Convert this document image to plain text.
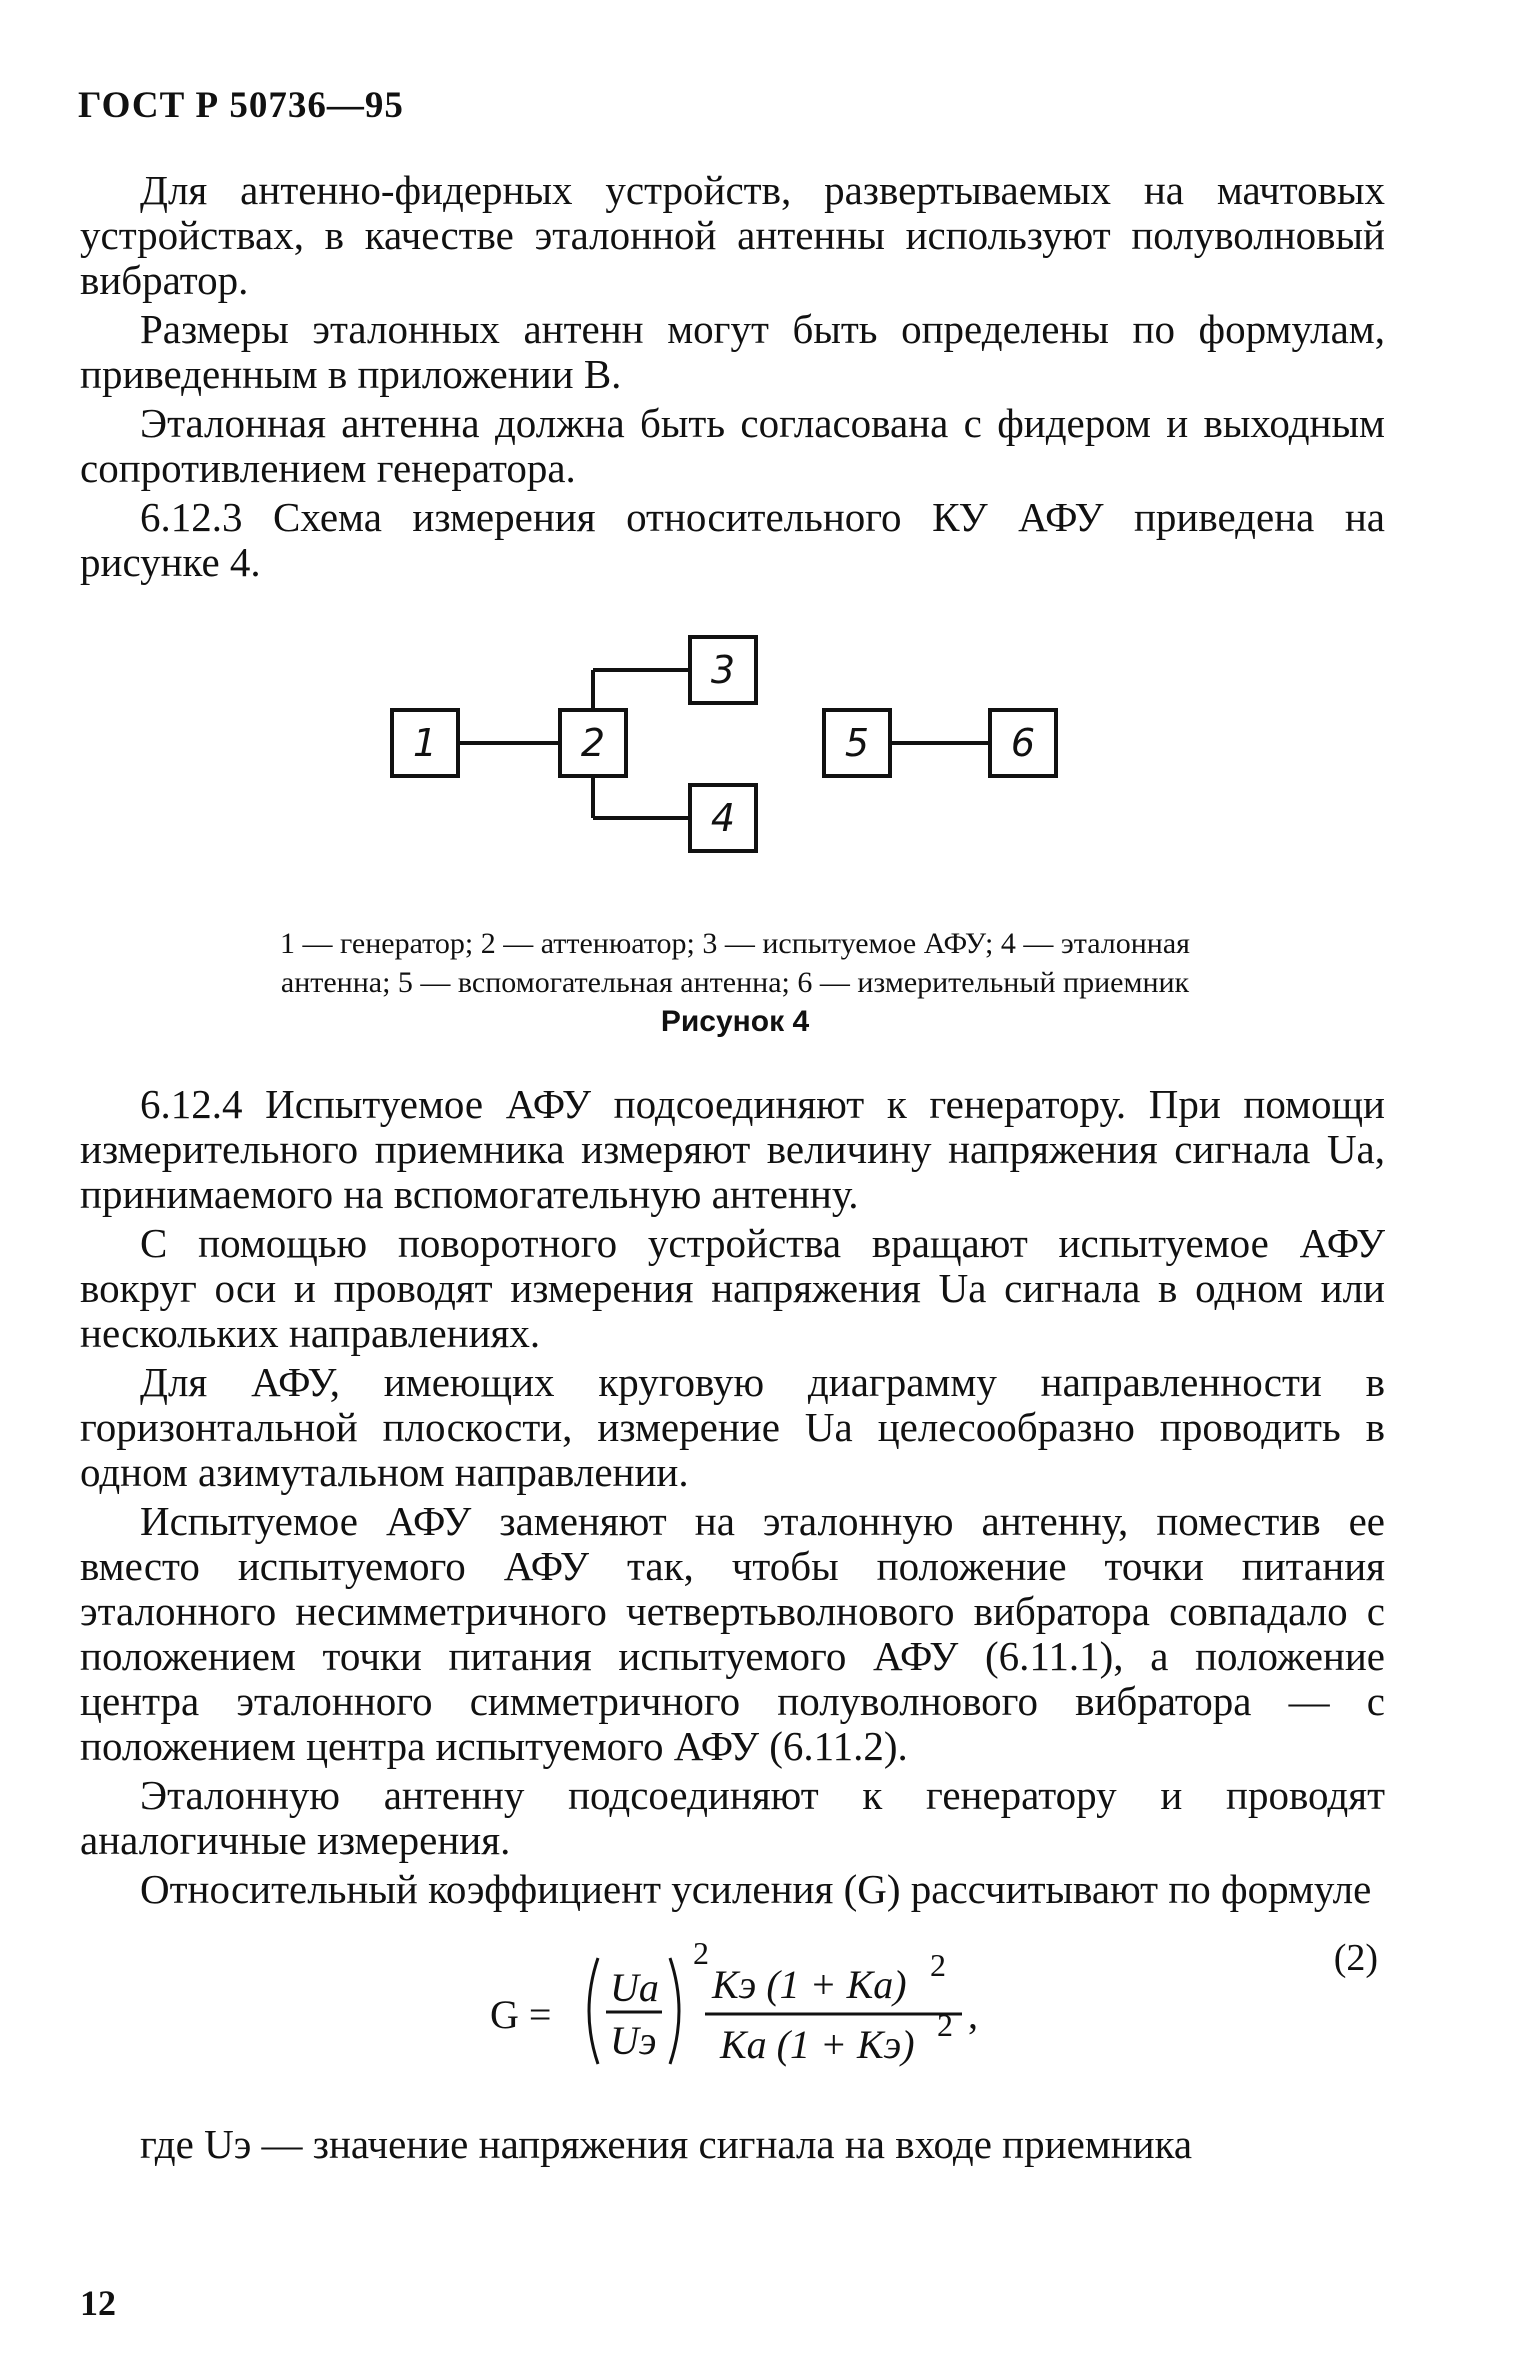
ГОСТ Р 50736—95

Для антенно-фидерных устройств, развертываемых на мачтовых устройствах, в качестве эталонной антенны используют полуволновый вибратор.

Размеры эталонных антенн могут быть определены по формулам, приведенным в приложении В.

Эталонная антенна должна быть согласована с фидером и выходным сопротивлением генератора.

6.12.3 Схема измерения относительного КУ АФУ приведена на рисунке 4.

1	2
3
4
5	6
1 — генератор; 2 — аттенюатор; 3 — испытуемое АФУ; 4 — эталонная
антенна; 5 — вспомогательная антенна; 6 — измерительный приемник
Рисунок 4

6.12.4 Испытуемое АФУ подсоединяют к генератору. При помощи измерительного приемника измеряют величину напряжения сигнала Uа, принимаемого на вспомогательную антенну.

С помощью поворотного устройства вращают испытуемое АФУ вокруг оси и проводят измерения напряжения Uа сигнала в одном или нескольких направлениях.

Для АФУ, имеющих круговую диаграмму направленности в горизонтальной плоскости, измерение Uа целесообразно проводить в одном азимутальном направлении.

Испытуемое АФУ заменяют на эталонную антенну, поместив ее вместо испытуемого АФУ так, чтобы положение точки питания эталонного несимметричного четвертьволнового вибратора совпадало с положением точки питания испытуемого АФУ (6.11.1), а положение центра эталонного симметричного полуволнового вибратора — с положением центра испытуемого АФУ (6.11.2).

Эталонную антенну подсоединяют к генератору и проводят аналогичные измерения.

Относительный коэффициент усиления (G) рассчитывают по формуле

G =
Uа
Uэ
2
Kэ (1 + Kа) 2
Kа (1 + Kэ) 2 ,
(2)

где Uэ — значение напряжения сигнала на входе приемника

12
